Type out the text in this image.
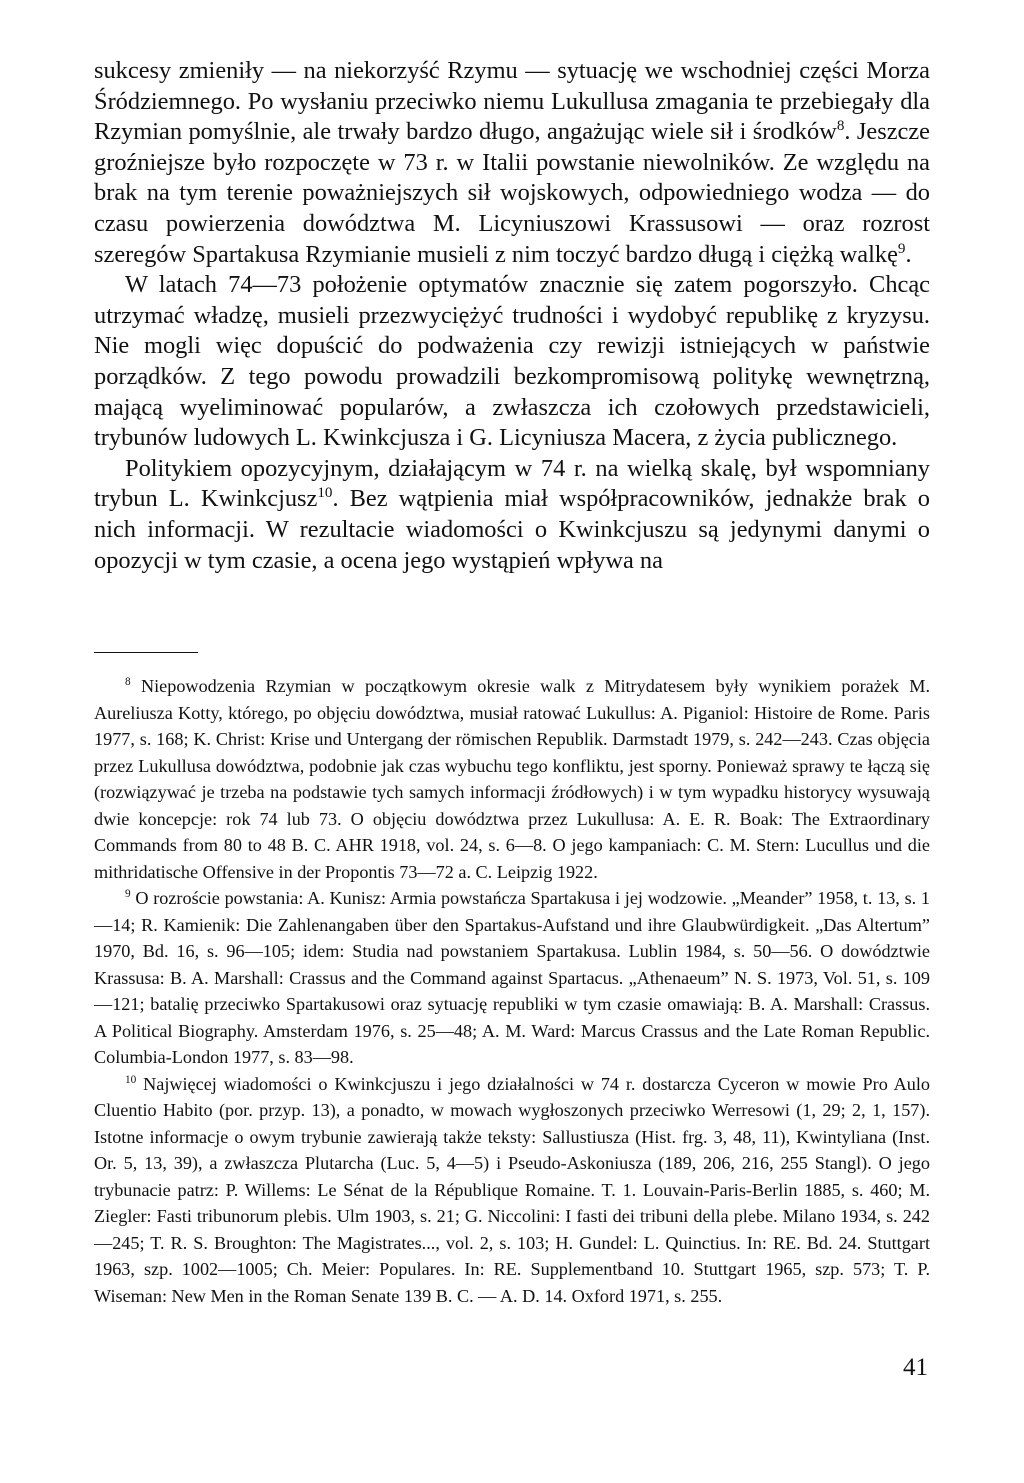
sukcesy zmieniły — na niekorzyść Rzymu — sytuację we wschodniej części Morza Śródziemnego. Po wysłaniu przeciwko niemu Lukullusa zmagania te przebiegały dla Rzymian pomyślnie, ale trwały bardzo długo, angażując wiele sił i środków$^8$. Jeszcze groźniejsze było rozpoczęte w 73 r. w Italii powstanie niewolników. Ze względu na brak na tym terenie poważniejszych sił wojskowych, odpowiedniego wodza — do czasu powierzenia dowództwa M. Licyniuszowi Krassusowi — oraz rozrost szeregów Spartakusa Rzymianie musieli z nim toczyć bardzo długą i ciężką walkę$^9$.

W latach 74—73 położenie optymatów znacznie się zatem pogorszyło. Chcąc utrzymać władzę, musieli przezwyciężyć trudności i wydobyć republikę z kryzysu. Nie mogli więc dopuścić do podważenia czy rewizji istniejących w państwie porządków. Z tego powodu prowadzili bezkompromisową politykę wewnętrzną, mającą wyeliminować popularów, a zwłaszcza ich czołowych przedstawicieli, trybunów ludowych L. Kwinkcjusza i G. Licyniusza Macera, z życia publicznego.

Politykiem opozycyjnym, działającym w 74 r. na wielką skalę, był wspomniany trybun L. Kwinkcjusz$^{10}$. Bez wątpienia miał współpracowników, jednakże brak o nich informacji. W rezultacie wiadomości o Kwinkcjuszu są jedynymi danymi o opozycji w tym czasie, a ocena jego wystąpień wpływa na

$^8$ Niepowodzenia Rzymian w początkowym okresie walk z Mitrydatesem były wynikiem porażek M. Aureliusza Kotty, którego, po objęciu dowództwa, musiał ratować Lukullus: A. Piganiol: Histoire de Rome. Paris 1977, s. 168; K. Christ: Krise und Untergang der römischen Republik. Darmstadt 1979, s. 242—243. Czas objęcia przez Lukullusa dowództwa, podobnie jak czas wybuchu tego konfliktu, jest sporny. Ponieważ sprawy te łączą się (rozwiązywać je trzeba na podstawie tych samych informacji źródłowych) i w tym wypadku historycy wysuwają dwie koncepcje: rok 74 lub 73. O objęciu dowództwa przez Lukullusa: A. E. R. Boak: The Extraordinary Commands from 80 to 48 B. C. AHR 1918, vol. 24, s. 6—8. O jego kampaniach: C. M. Stern: Lucullus und die mithridatische Offensive in der Propontis 73—72 a. C. Leipzig 1922.

$^9$ O rozroście powstania: A. Kunisz: Armia powstańcza Spartakusa i jej wodzowie. „Meander” 1958, t. 13, s. 1—14; R. Kamienik: Die Zahlenangaben über den Spartakus-Aufstand und ihre Glaubwürdigkeit. „Das Altertum” 1970, Bd. 16, s. 96—105; idem: Studia nad powstaniem Spartakusa. Lublin 1984, s. 50—56. O dowództwie Krassusa: B. A. Marshall: Crassus and the Command against Spartacus. „Athenaeum” N. S. 1973, Vol. 51, s. 109—121; batalię przeciwko Spartakusowi oraz sytuację republiki w tym czasie omawiają: B. A. Marshall: Crassus. A Political Biography. Amsterdam 1976, s. 25—48; A. M. Ward: Marcus Crassus and the Late Roman Republic. Columbia-London 1977, s. 83—98.

$^{10}$ Najwięcej wiadomości o Kwinkcjuszu i jego działalności w 74 r. dostarcza Cyceron w mowie Pro Aulo Cluentio Habito (por. przyp. 13), a ponadto, w mowach wygłoszonych przeciwko Werresowi (1, 29; 2, 1, 157). Istotne informacje o owym trybunie zawierają także teksty: Sallustiusza (Hist. frg. 3, 48, 11), Kwintyliana (Inst. Or. 5, 13, 39), a zwłaszcza Plutarcha (Luc. 5, 4—5) i Pseudo-Askoniusza (189, 206, 216, 255 Stangl). O jego trybunacie patrz: P. Willems: Le Sénat de la République Romaine. T. 1. Louvain-Paris-Berlin 1885, s. 460; M. Ziegler: Fasti tribunorum plebis. Ulm 1903, s. 21; G. Niccolini: I fasti dei tribuni della plebe. Milano 1934, s. 242—245; T. R. S. Broughton: The Magistrates..., vol. 2, s. 103; H. Gundel: L. Quinctius. In: RE. Bd. 24. Stuttgart 1963, szp. 1002—1005; Ch. Meier: Populares. In: RE. Supplementband 10. Stuttgart 1965, szp. 573; T. P. Wiseman: New Men in the Roman Senate 139 B. C. — A. D. 14. Oxford 1971, s. 255.

41
